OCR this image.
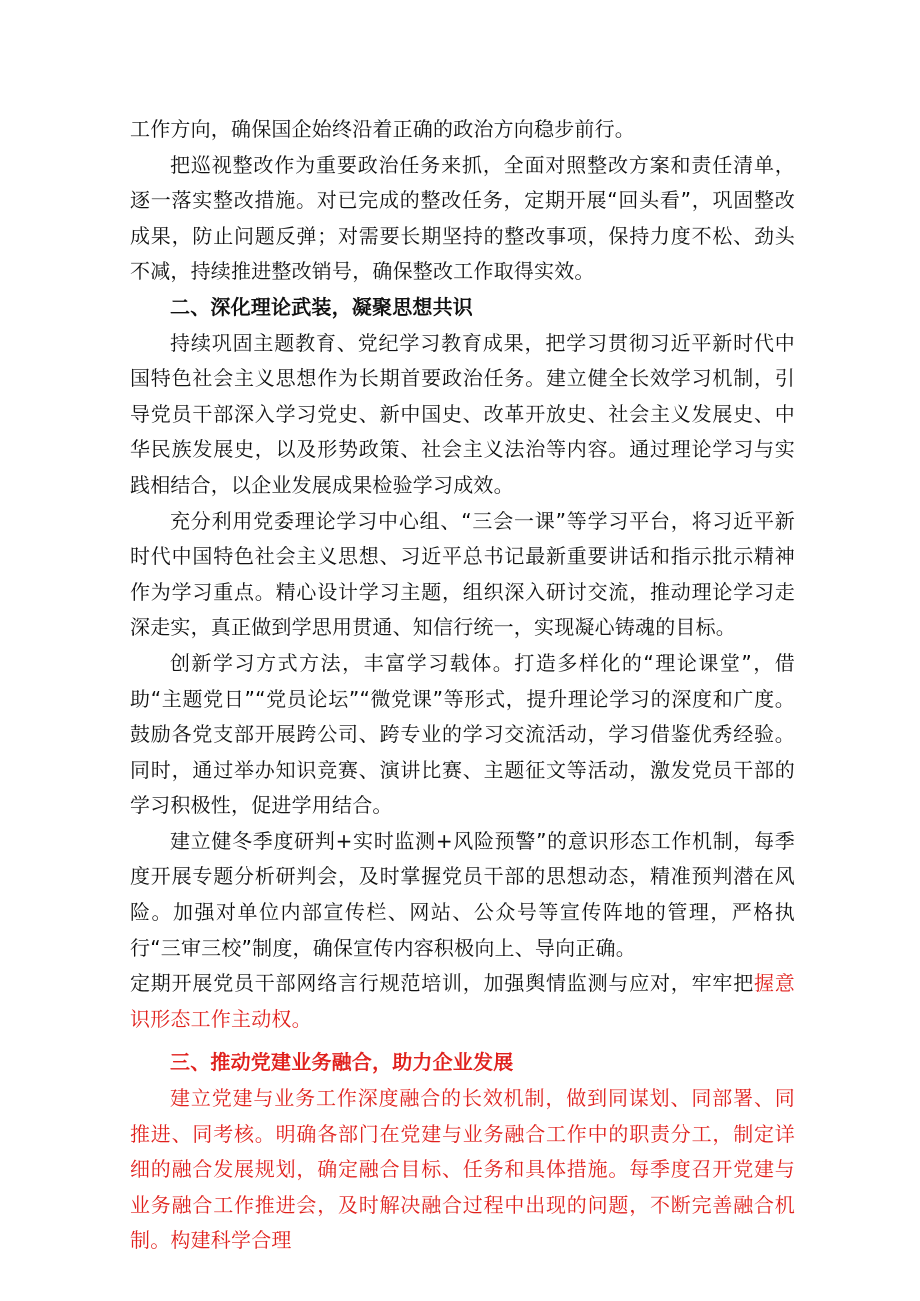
工作方向，确保国企始终沿着正确的政治方向稳步前行。

把巡视整改作为重要政治任务来抓，全面对照整改方案和责任清单，逐一落实整改措施。对已完成的整改任务，定期开展“回头看”，巩固整改成果，防止问题反弹；对需要长期坚持的整改事项，保持力度不松、劲头不减，持续推进整改销号，确保整改工作取得实效。

二、深化理论武装，凝聚思想共识

持续巩固主题教育、党纪学习教育成果，把学习贯彻习近平新时代中国特色社会主义思想作为长期首要政治任务。建立健全长效学习机制，引导党员干部深入学习党史、新中国史、改革开放史、社会主义发展史、中华民族发展史，以及形势政策、社会主义法治等内容。通过理论学习与实践相结合，以企业发展成果检验学习成效。

充分利用党委理论学习中心组、“三会一课”等学习平台，将习近平新时代中国特色社会主义思想、习近平总书记最新重要讲话和指示批示精神作为学习重点。精心设计学习主题，组织深入研讨交流，推动理论学习走深走实，真正做到学思用贯通、知信行统一，实现凝心铸魂的目标。

创新学习方式方法，丰富学习载体。打造多样化的“理论课堂”，借助“主题党日”“党员论坛”“微党课”等形式，提升理论学习的深度和广度。鼓励各党支部开展跨公司、跨专业的学习交流活动，学习借鉴优秀经验。同时，通过举办知识竞赛、演讲比赛、主题征文等活动，激发党员干部的学习积极性，促进学用结合。

建立健冬季度研判+实时监测+风险预警”的意识形态工作机制，每季度开展专题分析研判会，及时掌握党员干部的思想动态，精准预判潜在风险。加强对单位内部宣传栏、网站、公众号等宣传阵地的管理，严格执行“三审三校”制度，确保宣传内容积极向上、导向正确。

定期开展党员干部网络言行规范培训，加强舆情监测与应对，牢牢把握意识形态工作主动权。

三、推动党建业务融合，助力企业发展

建立党建与业务工作深度融合的长效机制，做到同谋划、同部署、同推进、同考核。明确各部门在党建与业务融合工作中的职责分工，制定详细的融合发展规划，确定融合目标、任务和具体措施。每季度召开党建与业务融合工作推进会，及时解决融合过程中出现的问题，不断完善融合机制。构建科学合理
